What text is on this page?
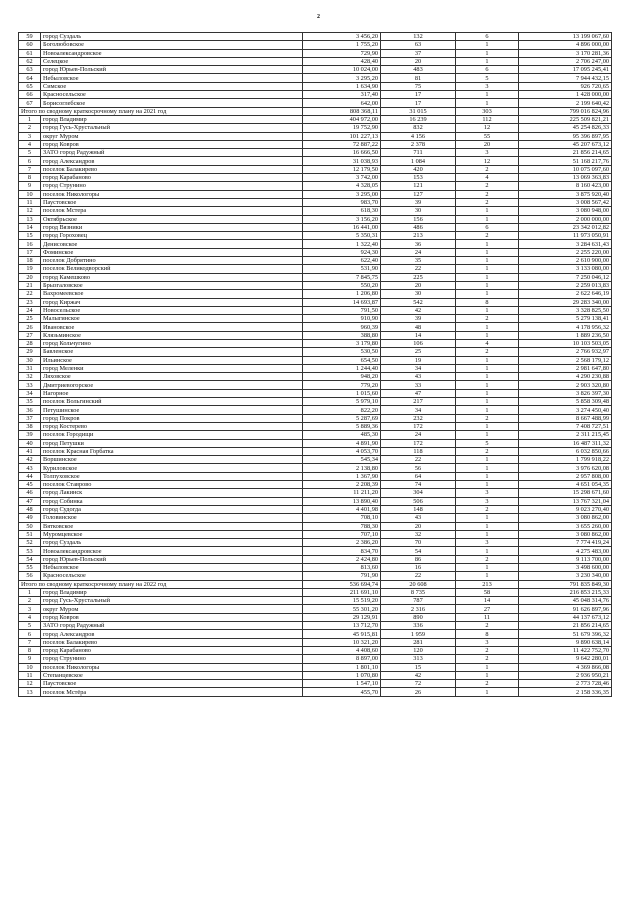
2
59	город Суздаль	3 456,20	132	6	13 199 067,60
60	Боголюбовское	1 755,20	63	1	4 896 000,00
61	Новоалександровское	729,90	37	1	3 170 281,36
62	Селецкое	428,40	20	1	2 706 247,00
63	город Юрьев-Польский	10 024,00	483	6	17 095 245,41
64	Небыловское	3 295,20	81	5	7 944 432,15
65	Симское	1 634,90	75	3	926 720,65
66	Красносельское	317,40	17	1	1 428 000,00
67	Борисоглебское	642,00	17	1	2 199 640,42
Итого по сводному краткосрочному плану на 2021 год		808 368,11	31 015	303	799 016 824,96
1	город Владимир	404 972,00	16 239	112	225 509 821,21
2	город Гусь-Хрустальный	19 752,90	832	12	45 254 826,33
3	округ Муром	101 227,13	4 156	55	95 396 897,95
4	город Ковров	72 887,22	2 378	20	45 207 673,12
5	ЗАТО город Радужный	16 666,50	711	3	21 856 214,65
6	город Александров	31 038,93	1 084	12	51 168 217,76
7	поселок Балакирево	12 179,50	420	2	10 075 097,60
8	город Карабаново	3 742,00	153	4	13 069 363,83
9	город Струнино	4 328,05	121	2	8 160 423,00
10	поселок Никологоры	3 295,00	127	2	3 875 920,40
11	Паустовское	983,70	39	2	3 008 567,42
12	поселок Мстера	618,30	30	1	3 080 948,00
13	Октябрьское	3 156,20	156	1	2 000 000,00
14	город Вязники	16 441,00	486	6	23 342 012,82
15	город Гороховец	5 350,31	213	2	11 973 050,91
16	Денисовское	1 322,40	36	1	3 284 631,43
17	Фоминское	924,30	24	1	2 255 220,00
18	поселок Добрятино	622,40	35	1	2 610 900,00
19	поселок Великодворский	531,90	22	1	3 133 080,00
20	город Камешково	7 845,75	225	1	7 250 046,12
21	Брызгаловское	550,20	20	1	2 259 013,83
22	Вахромеевское	1 206,80	30	1	2 622 646,19
23	город Киржач	14 693,87	542	8	29 283 340,00
24	Новосельское	791,50	42	1	3 328 825,50
25	Малыгинское	910,90	39	2	5 279 138,41
26	Ивановское	960,39	48	1	4 178 956,32
27	Клязьминское	388,80	14	1	1 889 236,50
28	город Кольчугино	3 179,80	106	4	10 103 503,05
29	Бавленское	530,50	25	2	2 766 932,97
30	Ильинское	654,50	19	1	2 568 179,12
31	город Меленки	1 244,40	34	1	2 981 647,80
32	Ляховское	948,20	43	1	4 290 230,88
33	Дмитриевогорское	779,20	33	1	2 903 320,80
34	Нагорное	1 015,60	47	1	3 826 397,30
35	поселок Вольгинский	5 979,10	217	1	5 858 309,48
36	Петушинское	822,20	34	1	3 274 450,40
37	город Покров	5 287,69	232	2	8 667 488,99
38	город Костерево	5 889,36	172	1	7 408 727,51
39	поселок Городищи	485,30	24	1	2 311 215,45
40	город Петушки	4 891,90	172	5	16 487 311,32
41	поселок Красная Горбатка	4 053,70	118	2	6 032 850,66
42	Воршинское	545,34	22	1	1 799 918,22
43	Куриловское	2 138,80	56	1	3 976 620,08
44	Толпуховское	1 367,90	64	1	2 957 808,00
45	поселок Ставрово	2 208,39	74	1	4 651 054,35
46	город Лакинск	11 211,20	304	3	15 298 671,60
47	город Собинка	13 890,40	506	3	13 767 321,04
48	город Судогда	4 401,98	148	2	9 023 270,40
49	Головинское	708,10	43	1	3 080 862,00
50	Вятковское	788,30	20	1	3 655 260,00
51	Муромцевское	707,10	32	1	3 080 862,00
52	город Суздаль	2 386,20	70	3	7 774 419,24
53	Новоалександровское	834,70	54	1	4 275 483,00
54	город Юрьев-Польский	2 424,80	86	2	9 113 700,00
55	Небыловское	813,60	16	1	3 498 600,00
56	Красносельское	791,90	22	1	3 230 340,00
Итого по сводному краткосрочному плану на 2022 год		536 694,74	20 608	213	791 835 849,30
1	город Владимир	211 691,10	8 735	58	216 853 215,33
2	город Гусь-Хрустальный	15 519,20	787	14	45 048 314,76
3	округ Муром	55 301,20	2 316	27	91 626 897,96
4	город Ковров	29 129,91	890	11	44 137 673,12
5	ЗАТО город Радужный	13 712,70	336	2	21 856 214,65
6	город Александров	45 915,81	1 959	8	51 679 396,32
7	поселок Балакирево	10 321,20	281	3	9 890 638,14
8	город Карабаново	4 408,60	120	2	11 422 752,70
9	город Струнино	8 897,00	313	2	9 642 280,01
10	поселок Никологоры	1 801,10	15	1	4 369 866,08
11	Степанцевское	1 070,80	42	1	2 936 950,21
12	Паустовское	1 547,10	72	2	2 773 728,46
13	поселок Мстёра	455,70	26	1	2 158 336,35
